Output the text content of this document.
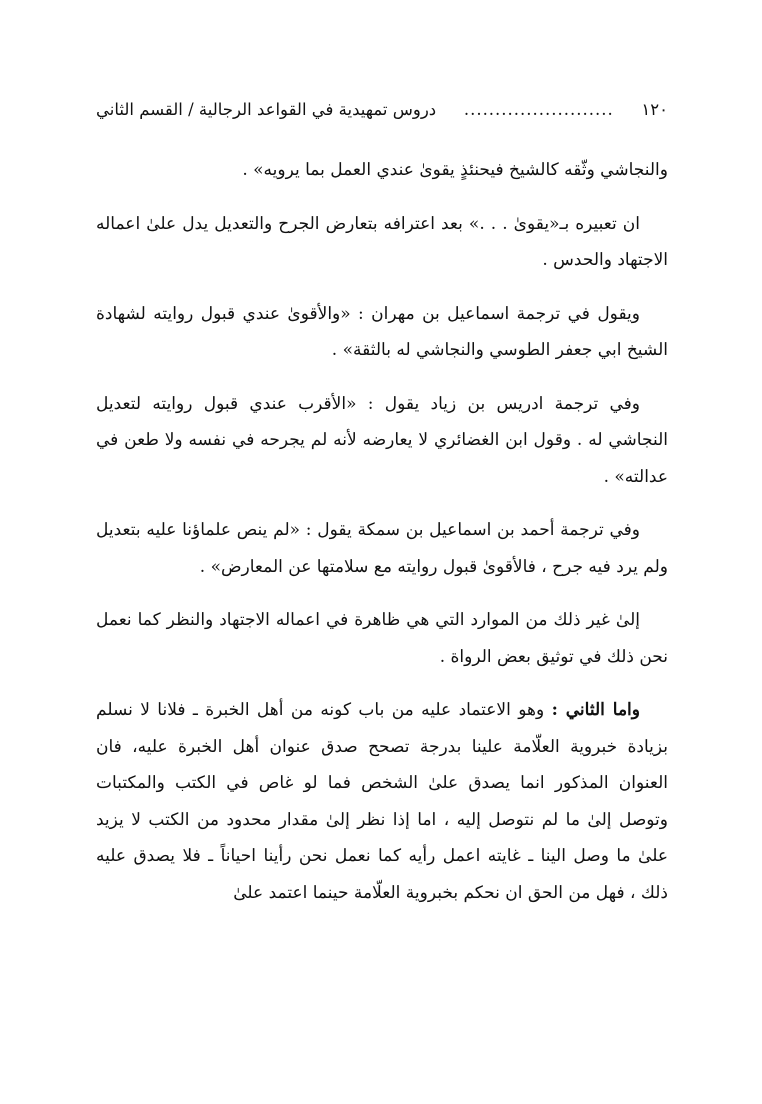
١٢٠
........................
دروس تمهيدية في القواعد الرجالية / القسم الثاني

والنجاشي وثّقه كالشيخ فيحنئذٍ يقوىٰ عندي العمل بما يرويه» .

ان تعبيره بـ«يقوىٰ . . .» بعد اعترافه بتعارض الجرح والتعديل يدل علىٰ اعماله الاجتهاد والحدس .

ويقول في ترجمة اسماعيل بن مهران : «والأقوىٰ عندي قبول روايته لشهادة الشيخ ابي جعفر الطوسي والنجاشي له بالثقة» .

وفي ترجمة ادريس بن زياد يقول : «الأقرب عندي قبول روايته لتعديل النجاشي له . وقول ابن الغضائري لا يعارضه لأنه لم يجرحه في نفسه ولا طعن في عدالته» .

وفي ترجمة أحمد بن اسماعيل بن سمكة يقول : «لم ينص علماؤنا عليه بتعديل ولم يرد فيه جرح ، فالأقوىٰ قبول روايته مع سلامتها عن المعارض» .

إلىٰ غير ذلك من الموارد التي هي ظاهرة في اعماله الاجتهاد والنظر كما نعمل نحن ذلك في توثيق بعض الرواة .

واما الثاني : وهو الاعتماد عليه من باب كونه من أهل الخبرة ـ فلانا لا نسلم بزيادة خبروية العلّامة علينا بدرجة تصحح صدق عنوان أهل الخبرة عليه، فان العنوان المذكور انما يصدق علىٰ الشخص فما لو غاص في الكتب والمكتبات وتوصل إلىٰ ما لم نتوصل إليه ، اما إذا نظر إلىٰ مقدار محدود من الكتب لا يزيد علىٰ ما وصل الينا ـ غايته اعمل رأيه كما نعمل نحن رأينا احياناً ـ فلا يصدق عليه ذلك ، فهل من الحق ان نحكم بخبروية العلّامة حينما اعتمد علىٰ
